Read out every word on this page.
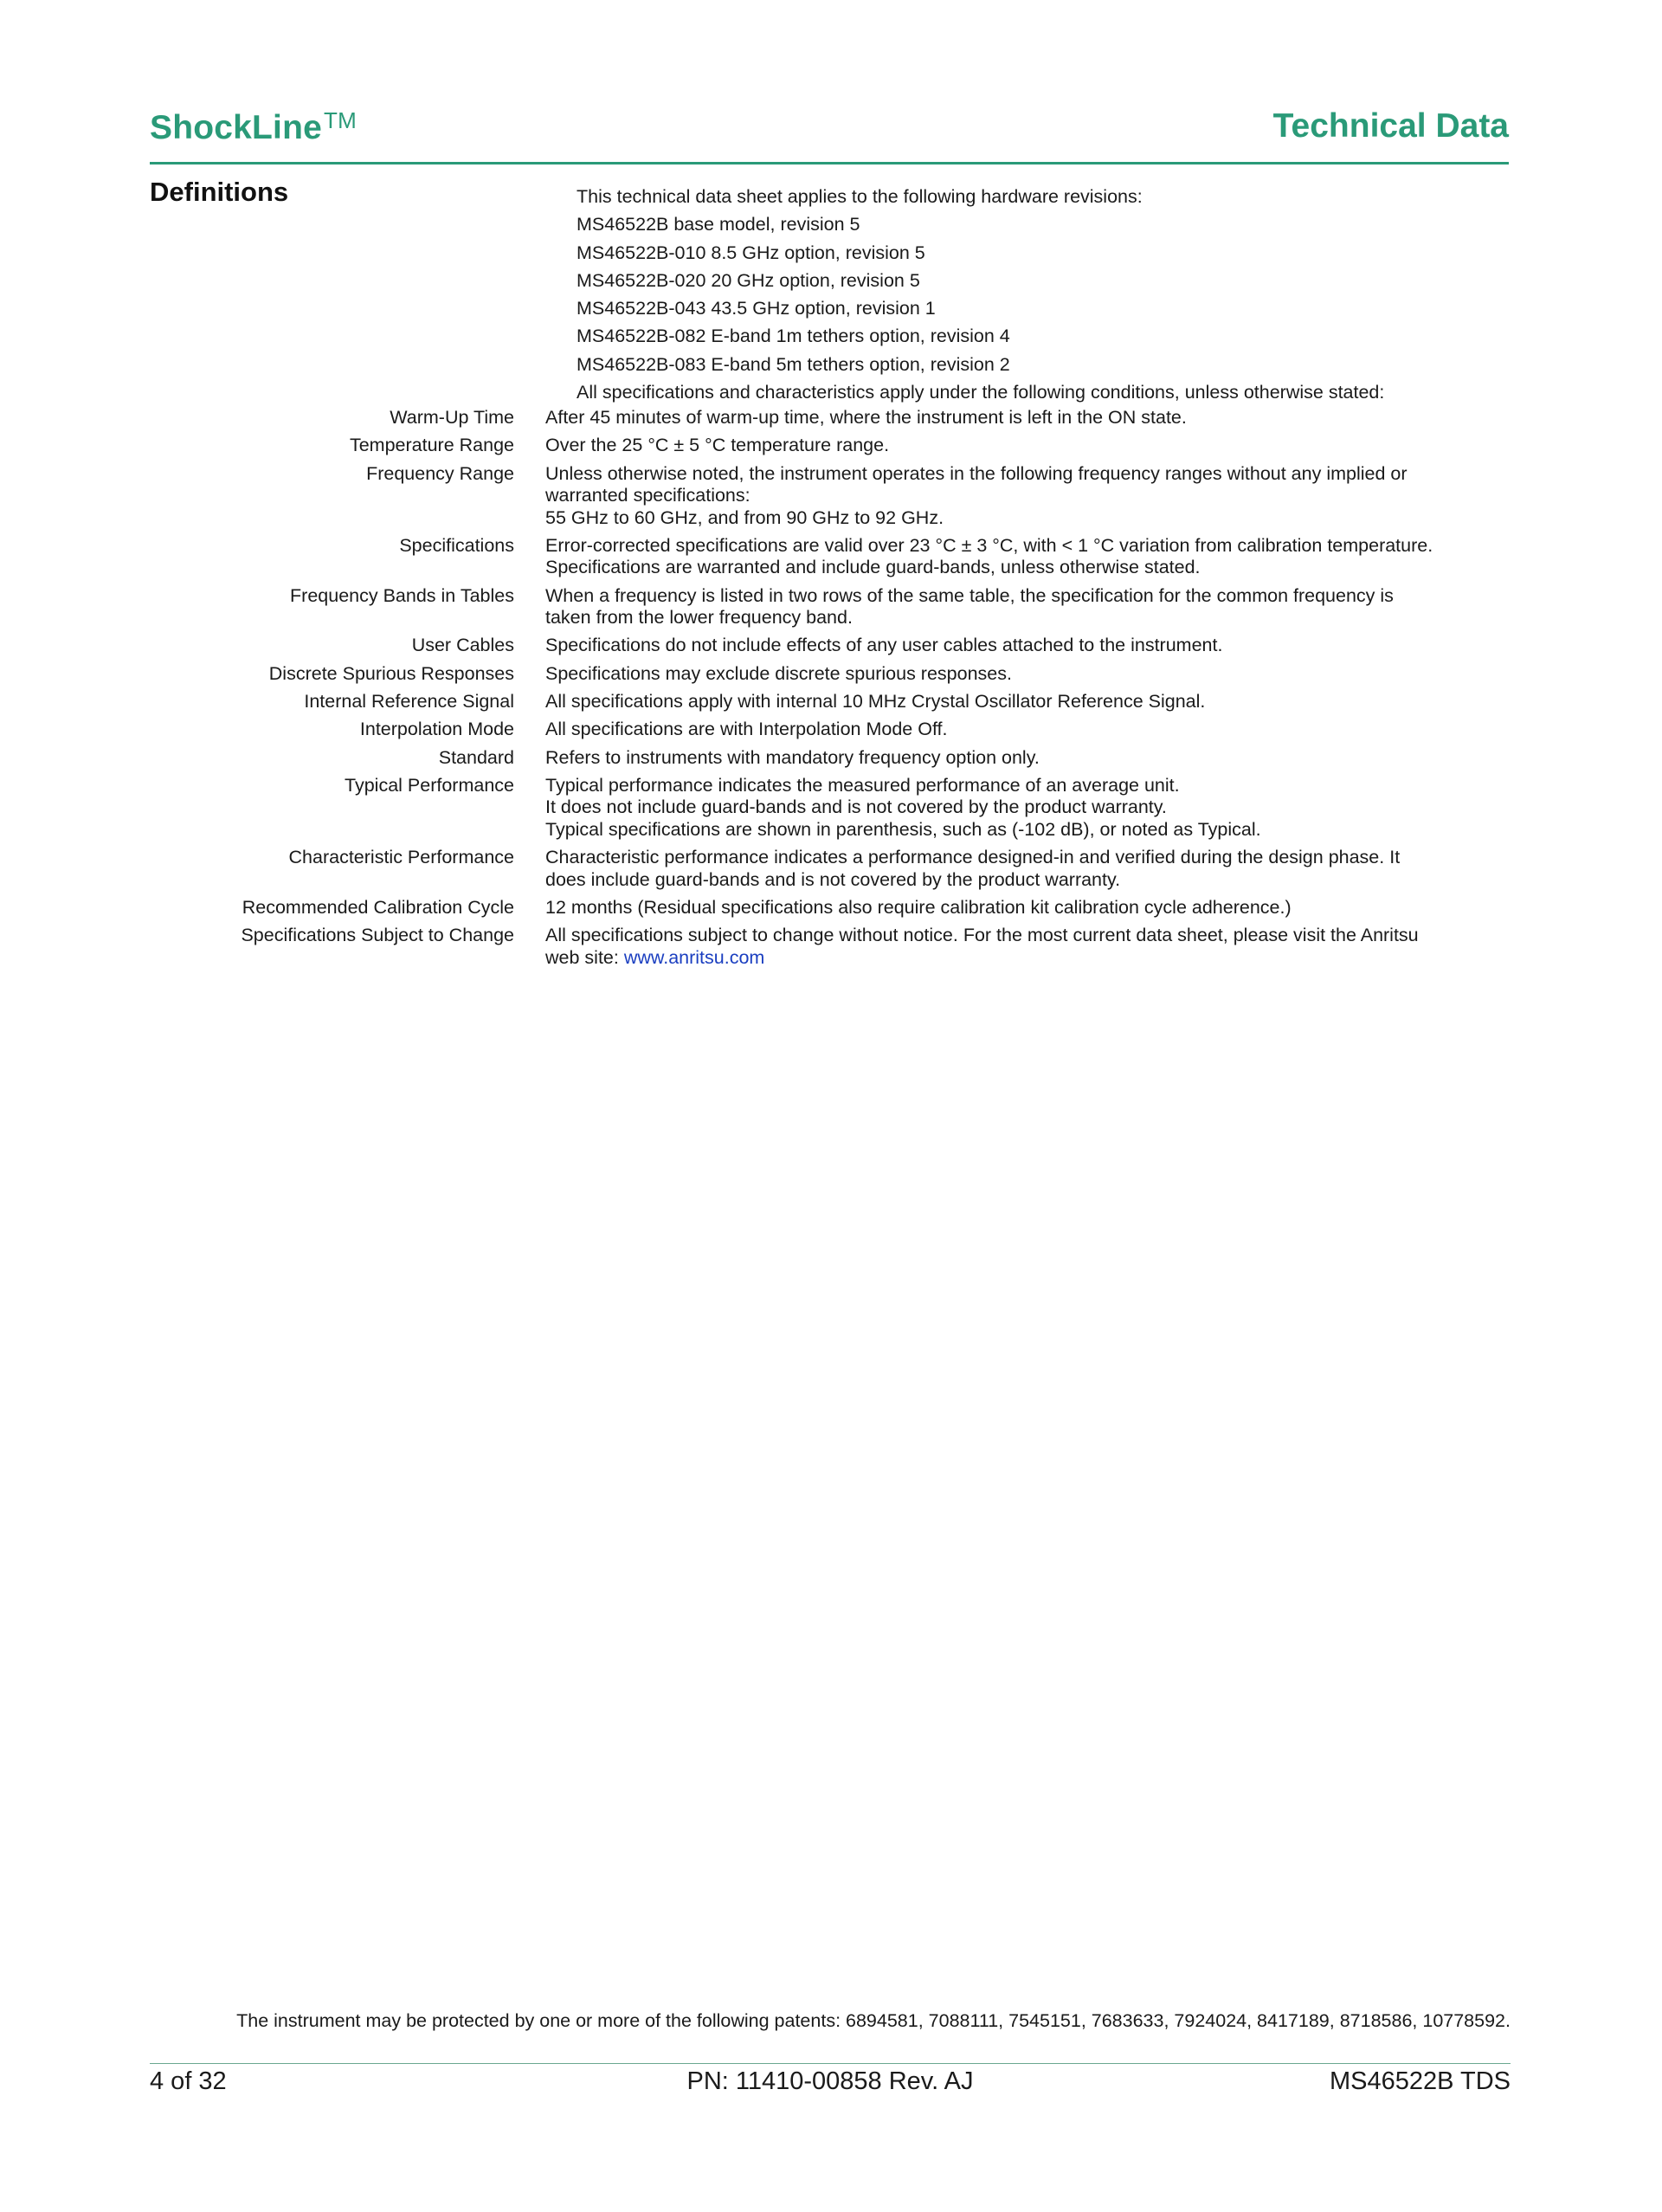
ShockLine™	Technical Data
Definitions	This technical data sheet applies to the following hardware revisions:
MS46522B base model, revision 5
MS46522B-010 8.5 GHz option, revision 5
MS46522B-020 20 GHz option, revision 5
MS46522B-043 43.5 GHz option, revision 1
MS46522B-082 E-band 1m tethers option, revision 4
MS46522B-083 E-band 5m tethers option, revision 2
All specifications and characteristics apply under the following conditions, unless otherwise stated:
Warm-Up Time	After 45 minutes of warm-up time, where the instrument is left in the ON state.
Temperature Range	Over the 25 °C ± 5 °C temperature range.
Frequency Range	Unless otherwise noted, the instrument operates in the following frequency ranges without any implied or
warranted specifications:
55 GHz to 60 GHz, and from 90 GHz to 92 GHz.
Specifications	Error-corrected specifications are valid over 23 °C ± 3 °C, with < 1 °C variation from calibration temperature.
Specifications are warranted and include guard-bands, unless otherwise stated.
Frequency Bands in Tables	When a frequency is listed in two rows of the same table, the specification for the common frequency is
taken from the lower frequency band.
User Cables	Specifications do not include effects of any user cables attached to the instrument.
Discrete Spurious Responses	Specifications may exclude discrete spurious responses.
Internal Reference Signal	All specifications apply with internal 10 MHz Crystal Oscillator Reference Signal.
Interpolation Mode	All specifications are with Interpolation Mode Off.
Standard	Refers to instruments with mandatory frequency option only.
Typical Performance	Typical performance indicates the measured performance of an average unit.
It does not include guard-bands and is not covered by the product warranty.
Typical specifications are shown in parenthesis, such as (-102 dB), or noted as Typical.
Characteristic Performance	Characteristic performance indicates a performance designed-in and verified during the design phase. It
does include guard-bands and is not covered by the product warranty.
Recommended Calibration Cycle	12 months (Residual specifications also require calibration kit calibration cycle adherence.)
Specifications Subject to Change	All specifications subject to change without notice. For the most current data sheet, please visit the Anritsu
web site: www.anritsu.com
The instrument may be protected by one or more of the following patents: 6894581, 7088111, 7545151, 7683633, 7924024, 8417189, 8718586, 10778592.
4 of 32	PN: 11410-00858 Rev. AJ	MS46522B TDS
